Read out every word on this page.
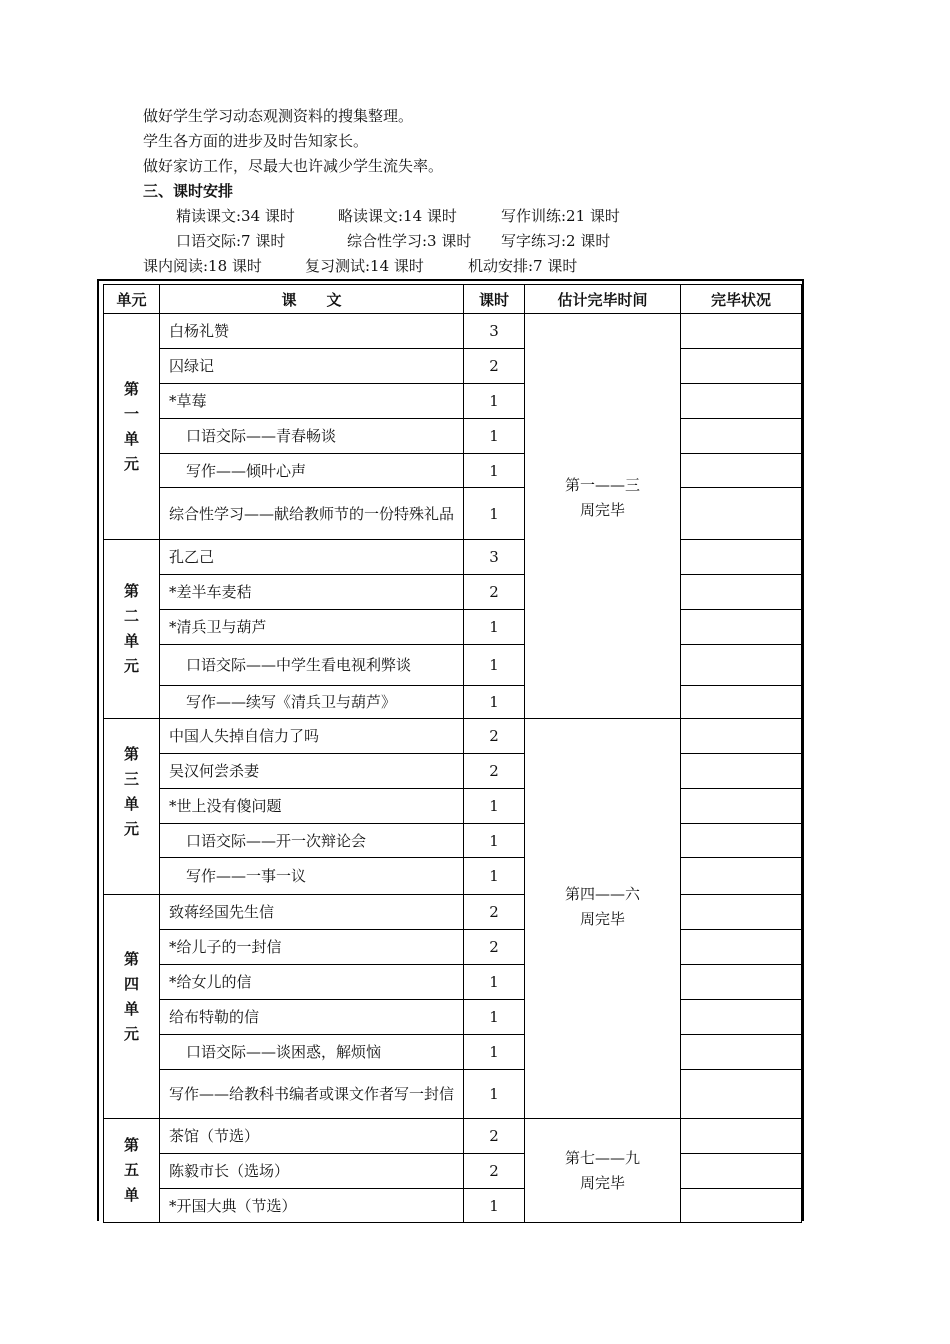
做好学生学习动态观测资料的搜集整理。
学生各方面的进步及时告知家长。
做好家访工作，尽最大也许减少学生流失率。
三、课时安排
精读课文:34 课时	略读课文:14 课时	写作训练:21 课时
口语交际:7 课时	综合性学习:3 课时 写字练习:2 课时
课内阅读:18 课时	复习测试:14 课时	机动安排:7 课时
单元	课　　文	课时	估计完毕时间	完毕状况

第
一
单
元	白杨礼赞	3	第一——三
周完毕	

	囚绿记	2		
	*草莓	1		
	口语交际——青春畅谈	1		
	写作——倾叶心声	1		
	综合性学习——献给教师节的一份特殊礼品	1		

第
二
单
元	孔乙己	3		
	*差半车麦秸	2		
	*清兵卫与葫芦	1		
	口语交际——中学生看电视利弊谈	1		
	写作——续写《清兵卫与葫芦》	1		

第
三
单
元	中国人失掉自信力了吗	2	第四——六
周完毕	

	吴汉何尝杀妻	2		
	*世上没有傻问题	1		
	口语交际——开一次辩论会	1		
	写作——一事一议	1		

第
四
单
元	致蒋经国先生信	2		
	*给儿子的一封信	2		
	*给女儿的信	1		
	给布特勒的信	1		
	口语交际——谈困惑，解烦恼	1		
	写作——给教科书编者或课文作者写一封信	1		

第
五
单	茶馆（节选）	2	第七——九
周完毕	

	陈毅市长（选场）	2		
	*开国大典（节选）	1		
